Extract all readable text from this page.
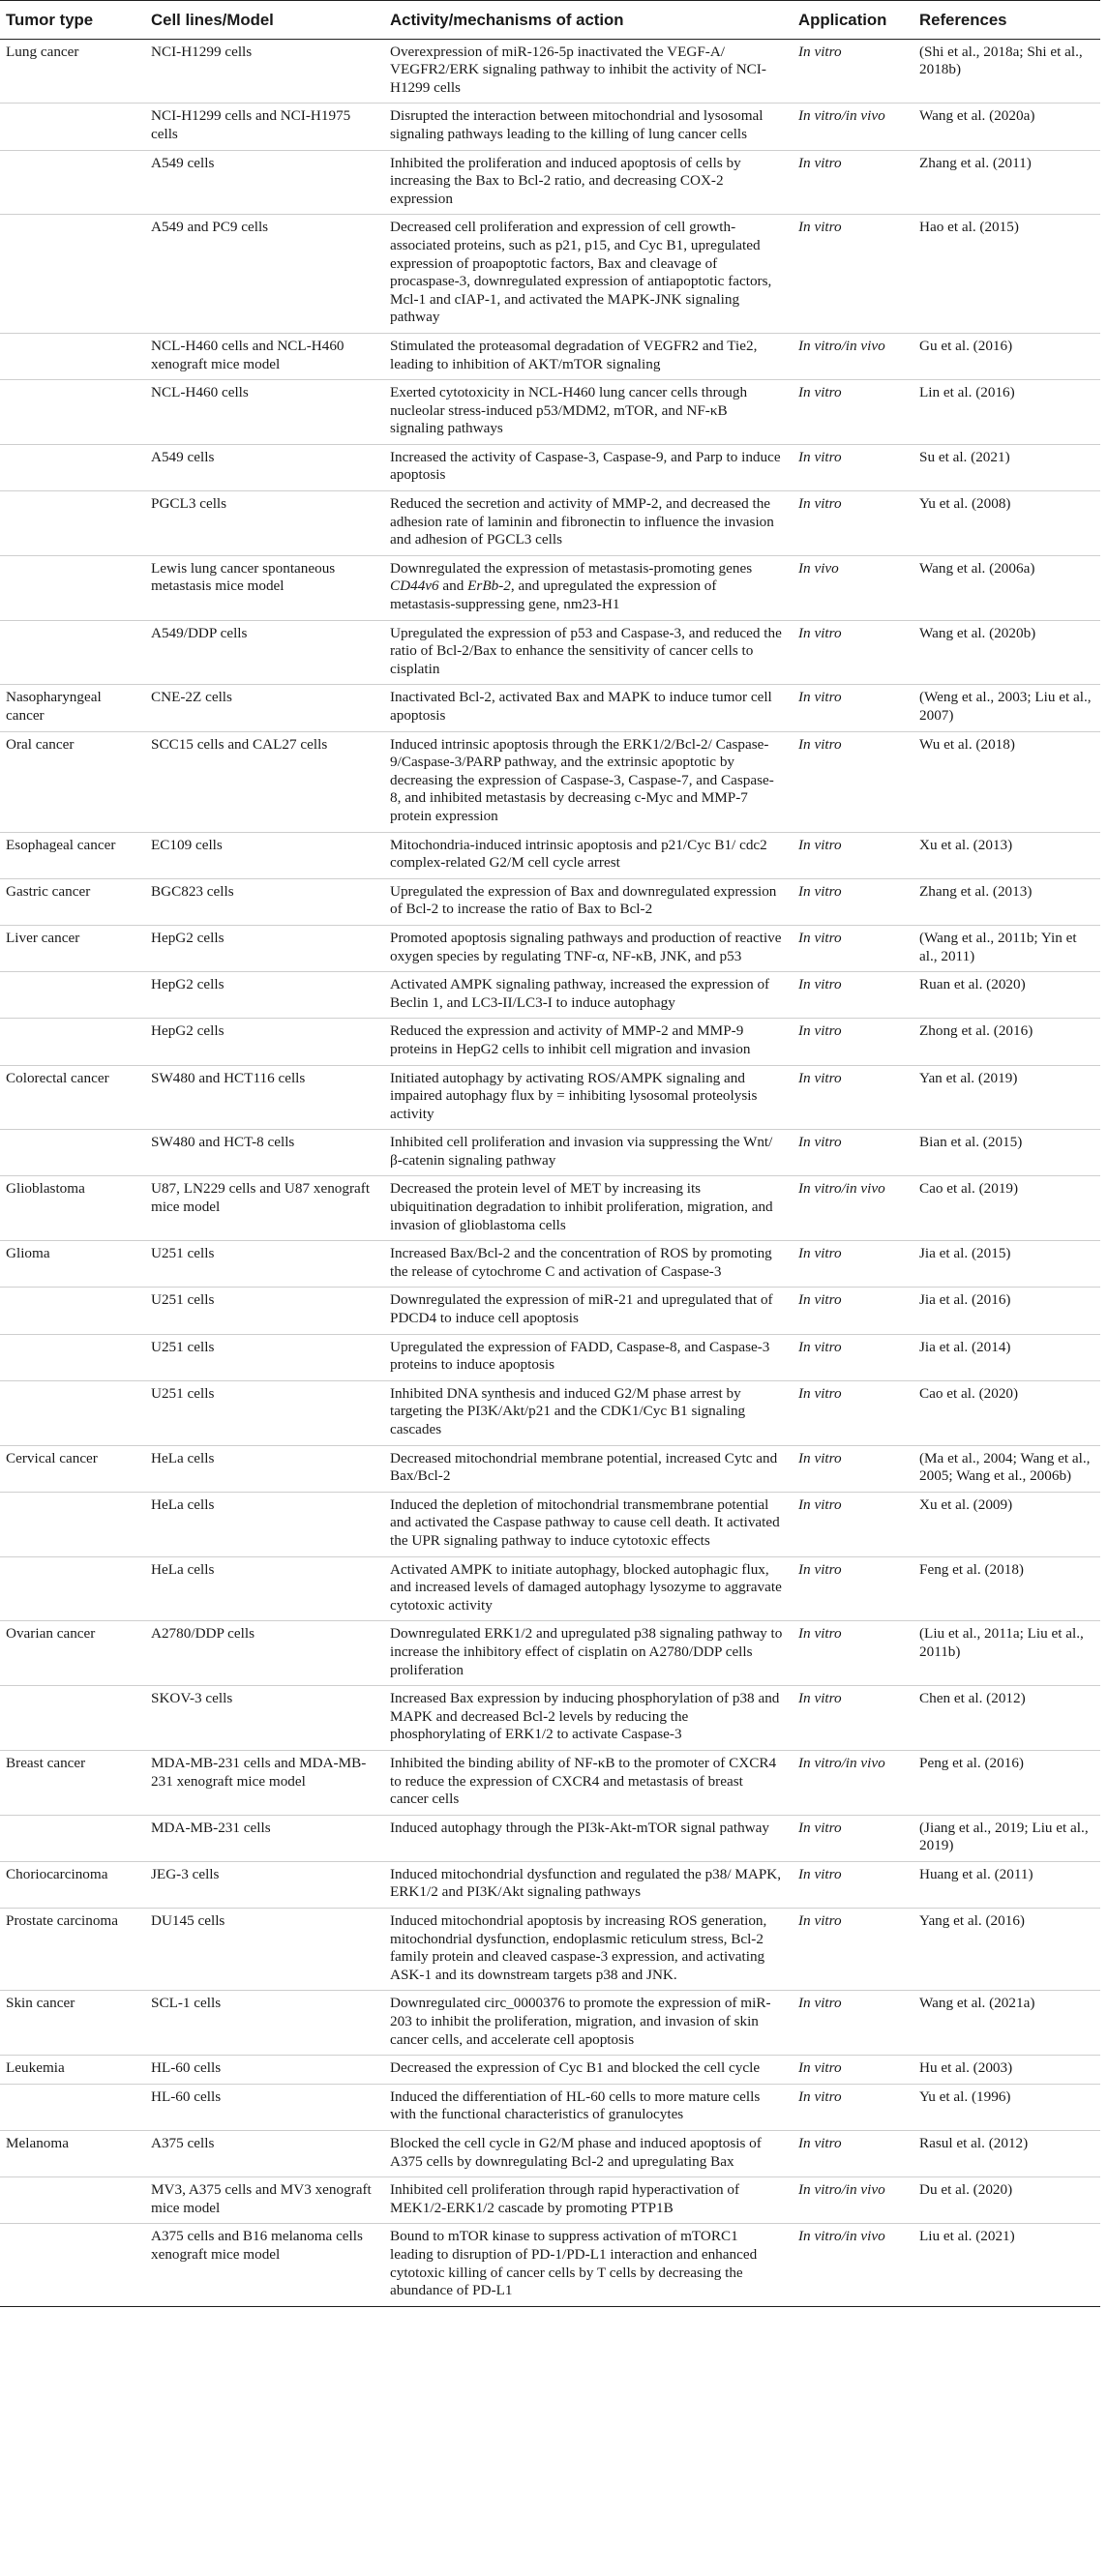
Tumor type	Cell lines/Model	Activity/mechanisms of action	Application	References
Lung cancer	NCI-H1299 cells	Overexpression of miR-126-5p inactivated the VEGF-A/ VEGFR2/ERK signaling pathway to inhibit the activity of NCI-H1299 cells	In vitro	(Shi et al., 2018a; Shi et al., 2018b)
	NCI-H1299 cells and NCI-H1975 cells	Disrupted the interaction between mitochondrial and lysosomal signaling pathways leading to the killing of lung cancer cells	In vitro/in vivo	Wang et al. (2020a)
	A549 cells	Inhibited the proliferation and induced apoptosis of cells by increasing the Bax to Bcl-2 ratio, and decreasing COX-2 expression	In vitro	Zhang et al. (2011)
	A549 and PC9 cells	Decreased cell proliferation and expression of cell growth-associated proteins, such as p21, p15, and Cyc B1, upregulated expression of proapoptotic factors, Bax and cleavage of procaspase-3, downregulated expression of antiapoptotic factors, Mcl-1 and cIAP-1, and activated the MAPK-JNK signaling pathway	In vitro	Hao et al. (2015)
	NCL-H460 cells and NCL-H460 xenograft mice model	Stimulated the proteasomal degradation of VEGFR2 and Tie2, leading to inhibition of AKT/mTOR signaling	In vitro/in vivo	Gu et al. (2016)
	NCL-H460 cells	Exerted cytotoxicity in NCL-H460 lung cancer cells through nucleolar stress-induced p53/MDM2, mTOR, and NF-κB signaling pathways	In vitro	Lin et al. (2016)
	A549 cells	Increased the activity of Caspase-3, Caspase-9, and Parp to induce apoptosis	In vitro	Su et al. (2021)
	PGCL3 cells	Reduced the secretion and activity of MMP-2, and decreased the adhesion rate of laminin and fibronectin to influence the invasion and adhesion of PGCL3 cells	In vitro	Yu et al. (2008)
	Lewis lung cancer spontaneous metastasis mice model	Downregulated the expression of metastasis-promoting genes CD44v6 and ErBb-2, and upregulated the expression of metastasis-suppressing gene, nm23-H1	In vivo	Wang et al. (2006a)
	A549/DDP cells	Upregulated the expression of p53 and Caspase-3, and reduced the ratio of Bcl-2/Bax to enhance the sensitivity of cancer cells to cisplatin	In vitro	Wang et al. (2020b)
Nasopharyngeal cancer	CNE-2Z cells	Inactivated Bcl-2, activated Bax and MAPK to induce tumor cell apoptosis	In vitro	(Weng et al., 2003; Liu et al., 2007)
Oral cancer	SCC15 cells and CAL27 cells	Induced intrinsic apoptosis through the ERK1/2/Bcl-2/ Caspase-9/Caspase-3/PARP pathway, and the extrinsic apoptotic by decreasing the expression of Caspase-3, Caspase-7, and Caspase-8, and inhibited metastasis by decreasing c-Myc and MMP-7 protein expression	In vitro	Wu et al. (2018)
Esophageal cancer	EC109 cells	Mitochondria-induced intrinsic apoptosis and p21/Cyc B1/ cdc2 complex-related G2/M cell cycle arrest	In vitro	Xu et al. (2013)
Gastric cancer	BGC823 cells	Upregulated the expression of Bax and downregulated expression of Bcl-2 to increase the ratio of Bax to Bcl-2	In vitro	Zhang et al. (2013)
Liver cancer	HepG2 cells	Promoted apoptosis signaling pathways and production of reactive oxygen species by regulating TNF-α, NF-κB, JNK, and p53	In vitro	(Wang et al., 2011b; Yin et al., 2011)
	HepG2 cells	Activated AMPK signaling pathway, increased the expression of Beclin 1, and LC3-II/LC3-I to induce autophagy	In vitro	Ruan et al. (2020)
	HepG2 cells	Reduced the expression and activity of MMP-2 and MMP-9 proteins in HepG2 cells to inhibit cell migration and invasion	In vitro	Zhong et al. (2016)
Colorectal cancer	SW480 and HCT116 cells	Initiated autophagy by activating ROS/AMPK signaling and impaired autophagy flux by = inhibiting lysosomal proteolysis activity	In vitro	Yan et al. (2019)
	SW480 and HCT-8 cells	Inhibited cell proliferation and invasion via suppressing the Wnt/β-catenin signaling pathway	In vitro	Bian et al. (2015)
Glioblastoma	U87, LN229 cells and U87 xenograft mice model	Decreased the protein level of MET by increasing its ubiquitination degradation to inhibit proliferation, migration, and invasion of glioblastoma cells	In vitro/in vivo	Cao et al. (2019)
Glioma	U251 cells	Increased Bax/Bcl-2 and the concentration of ROS by promoting the release of cytochrome C and activation of Caspase-3	In vitro	Jia et al. (2015)
	U251 cells	Downregulated the expression of miR-21 and upregulated that of PDCD4 to induce cell apoptosis	In vitro	Jia et al. (2016)
	U251 cells	Upregulated the expression of FADD, Caspase-8, and Caspase-3 proteins to induce apoptosis	In vitro	Jia et al. (2014)
	U251 cells	Inhibited DNA synthesis and induced G2/M phase arrest by targeting the PI3K/Akt/p21 and the CDK1/Cyc B1 signaling cascades	In vitro	Cao et al. (2020)
Cervical cancer	HeLa cells	Decreased mitochondrial membrane potential, increased Cytc and Bax/Bcl-2	In vitro	(Ma et al., 2004; Wang et al., 2005; Wang et al., 2006b)
	HeLa cells	Induced the depletion of mitochondrial transmembrane potential and activated the Caspase pathway to cause cell death. It activated the UPR signaling pathway to induce cytotoxic effects	In vitro	Xu et al. (2009)
	HeLa cells	Activated AMPK to initiate autophagy, blocked autophagic flux, and increased levels of damaged autophagy lysozyme to aggravate cytotoxic activity	In vitro	Feng et al. (2018)
Ovarian cancer	A2780/DDP cells	Downregulated ERK1/2 and upregulated p38 signaling pathway to increase the inhibitory effect of cisplatin on A2780/DDP cells proliferation	In vitro	(Liu et al., 2011a; Liu et al., 2011b)
	SKOV-3 cells	Increased Bax expression by inducing phosphorylation of p38 and MAPK and decreased Bcl-2 levels by reducing the phosphorylating of ERK1/2 to activate Caspase-3	In vitro	Chen et al. (2012)
Breast cancer	MDA-MB-231 cells and MDA-MB-231 xenograft mice model	Inhibited the binding ability of NF-κB to the promoter of CXCR4 to reduce the expression of CXCR4 and metastasis of breast cancer cells	In vitro/in vivo	Peng et al. (2016)
	MDA-MB-231 cells	Induced autophagy through the PI3k-Akt-mTOR signal pathway	In vitro	(Jiang et al., 2019; Liu et al., 2019)
Choriocarcinoma	JEG-3 cells	Induced mitochondrial dysfunction and regulated the p38/ MAPK, ERK1/2 and PI3K/Akt signaling pathways	In vitro	Huang et al. (2011)
Prostate carcinoma	DU145 cells	Induced mitochondrial apoptosis by increasing ROS generation, mitochondrial dysfunction, endoplasmic reticulum stress, Bcl-2 family protein and cleaved caspase-3 expression, and activating ASK-1 and its downstream targets p38 and JNK.	In vitro	Yang et al. (2016)
Skin cancer	SCL-1 cells	Downregulated circ_0000376 to promote the expression of miR-203 to inhibit the proliferation, migration, and invasion of skin cancer cells, and accelerate cell apoptosis	In vitro	Wang et al. (2021a)
Leukemia	HL-60 cells	Decreased the expression of Cyc B1 and blocked the cell cycle	In vitro	Hu et al. (2003)
	HL-60 cells	Induced the differentiation of HL-60 cells to more mature cells with the functional characteristics of granulocytes	In vitro	Yu et al. (1996)
Melanoma	A375 cells	Blocked the cell cycle in G2/M phase and induced apoptosis of A375 cells by downregulating Bcl-2 and upregulating Bax	In vitro	Rasul et al. (2012)
	MV3, A375 cells and MV3 xenograft mice model	Inhibited cell proliferation through rapid hyperactivation of MEK1/2-ERK1/2 cascade by promoting PTP1B	In vitro/in vivo	Du et al. (2020)
	A375 cells and B16 melanoma cells xenograft mice model	Bound to mTOR kinase to suppress activation of mTORC1 leading to disruption of PD-1/PD-L1 interaction and enhanced cytotoxic killing of cancer cells by T cells by decreasing the abundance of PD-L1	In vitro/in vivo	Liu et al. (2021)
